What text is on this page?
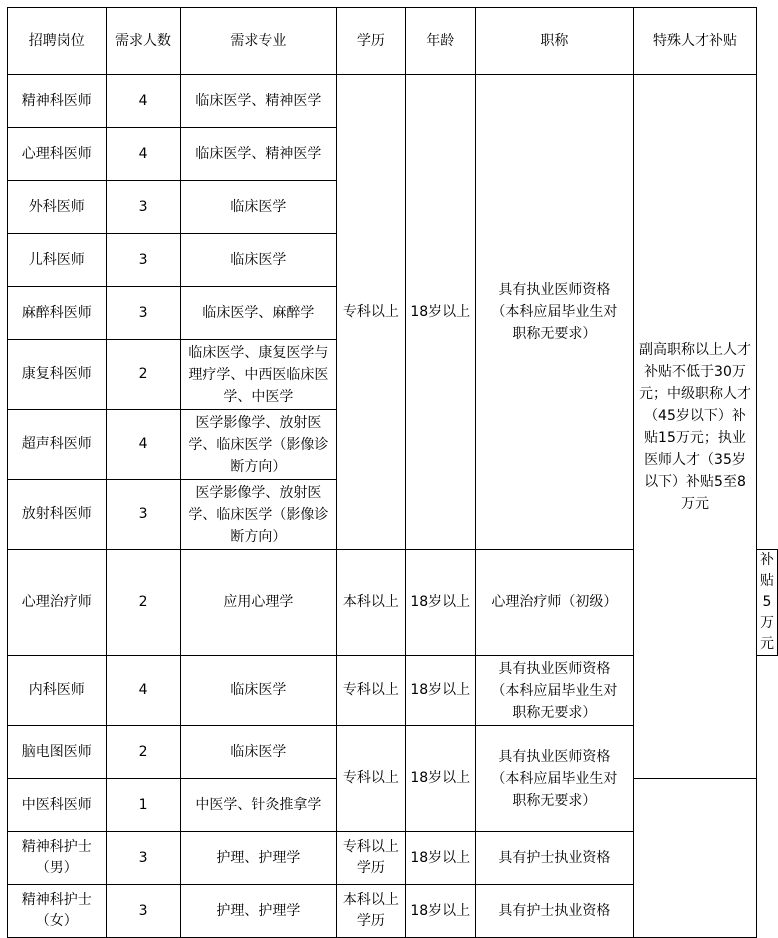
招聘岗位	需求人数	需求专业	学历	年龄	职称	特殊人才补贴	
精神科医师	4	临床医学、精神医学	专科以上	18岁以上	具有执业医师资格（本科应届毕业生对职称无要求）	副高职称以上人才补贴不低于30万元；中级职称人才（45岁以下）补贴15万元；执业医师人才（35岁以下）补贴5至8万元	
心理科医师	4	临床医学、精神医学					
外科医师	3	临床医学					
儿科医师	3	临床医学					
麻醉科医师	3	临床医学、麻醉学					
康复科医师	2	临床医学、康复医学与理疗学、中西医临床医学、中医学					
超声科医师	4	医学影像学、放射医学、临床医学（影像诊断方向）					
放射科医师	3	医学影像学、放射医学、临床医学（影像诊断方向）					
心理治疗师	2	应用心理学	本科以上	18岁以上	心理治疗师（初级）		补贴5万元
内科医师	4	临床医学	专科以上	18岁以上	具有执业医师资格（本科应届毕业生对职称无要求）		
脑电图医师	2	临床医学	专科以上	18岁以上	具有执业医师资格（本科应届毕业生对职称无要求）		
中医科医师	1	中医学、针灸推拿学					
精神科护士（男）	3	护理、护理学	专科以上学历	18岁以上	具有护士执业资格		
精神科护士（女）	3	护理、护理学	本科以上学历	18岁以上	具有护士执业资格		
